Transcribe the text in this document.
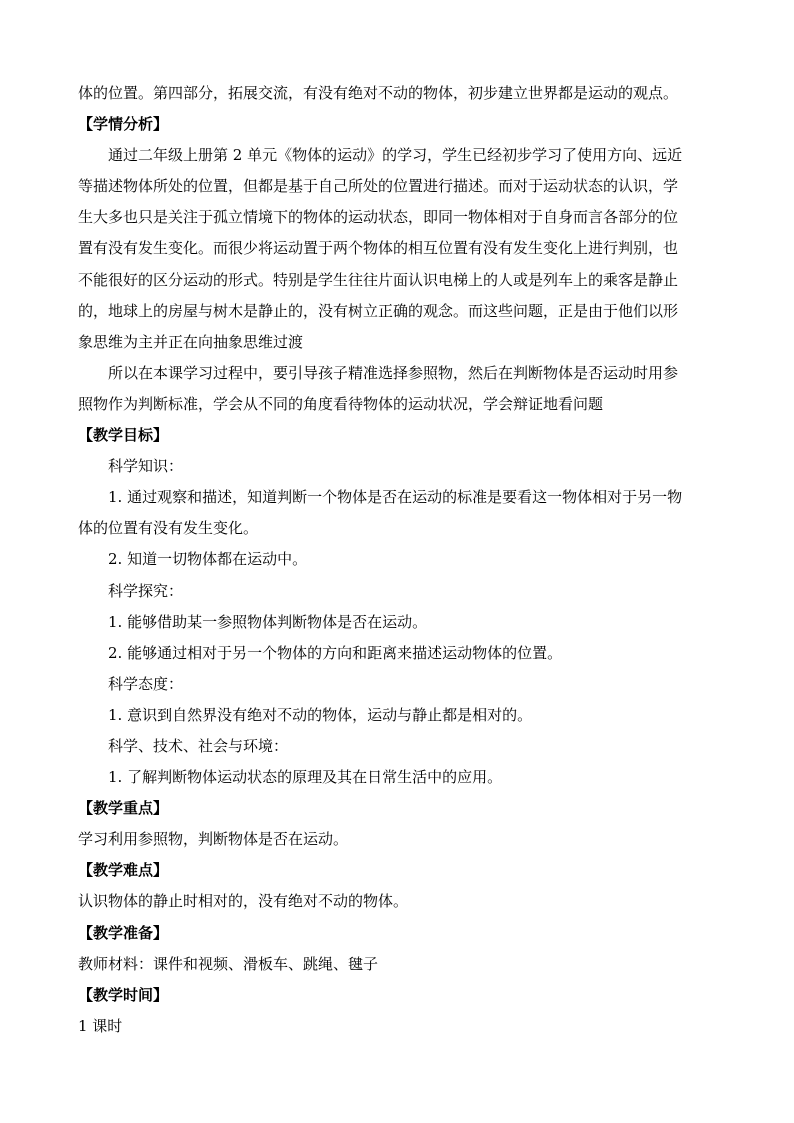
体的位置。第四部分，拓展交流，有没有绝对不动的物体，初步建立世界都是运动的观点。

【学情分析】

通过二年级上册第 2 单元《物体的运动》的学习，学生已经初步学习了使用方向、远近

等描述物体所处的位置，但都是基于自己所处的位置进行描述。而对于运动状态的认识，学

生大多也只是关注于孤立情境下的物体的运动状态，即同一物体相对于自身而言各部分的位

置有没有发生变化。而很少将运动置于两个物体的相互位置有没有发生变化上进行判别，也

不能很好的区分运动的形式。特别是学生往往片面认识电梯上的人或是列车上的乘客是静止

的，地球上的房屋与树木是静止的，没有树立正确的观念。而这些问题，正是由于他们以形

象思维为主并正在向抽象思维过渡

所以在本课学习过程中，要引导孩子精准选择参照物，然后在判断物体是否运动时用参

照物作为判断标准，学会从不同的角度看待物体的运动状况，学会辩证地看问题

【教学目标】

科学知识：

1. 通过观察和描述，知道判断一个物体是否在运动的标准是要看这一物体相对于另一物

体的位置有没有发生变化。

2. 知道一切物体都在运动中。

科学探究：

1. 能够借助某一参照物体判断物体是否在运动。

2. 能够通过相对于另一个物体的方向和距离来描述运动物体的位置。

科学态度：

1. 意识到自然界没有绝对不动的物体，运动与静止都是相对的。

科学、技术、社会与环境：

1. 了解判断物体运动状态的原理及其在日常生活中的应用。

【教学重点】

学习利用参照物，判断物体是否在运动。

【教学难点】

认识物体的静止时相对的，没有绝对不动的物体。

【教学准备】

教师材料：课件和视频、滑板车、跳绳、毽子

【教学时间】

1 课时
